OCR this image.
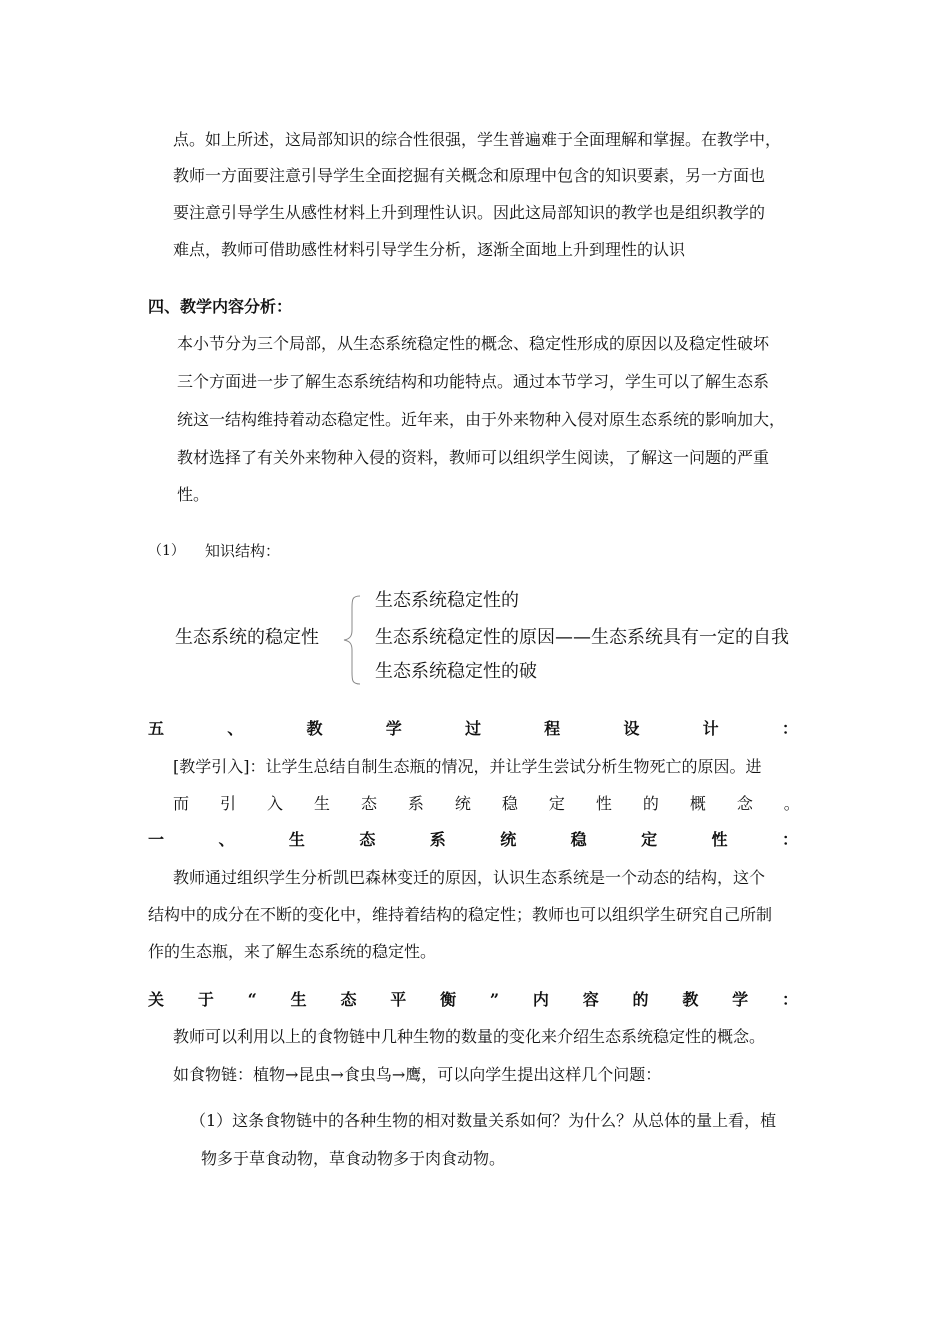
点。如上所述，这局部知识的综合性很强，学生普遍难于全面理解和掌握。在教学中，
教师一方面要注意引导学生全面挖掘有关概念和原理中包含的知识要素，另一方面也
要注意引导学生从感性材料上升到理性认识。因此这局部知识的教学也是组织教学的
难点，教师可借助感性材料引导学生分析，逐渐全面地上升到理性的认识
四、教学内容分析：
本小节分为三个局部，从生态系统稳定性的概念、稳定性形成的原因以及稳定性破坏
三个方面进一步了解生态系统结构和功能特点。通过本节学习，学生可以了解生态系
统这一结构维持着动态稳定性。近年来，由于外来物种入侵对原生态系统的影响加大，
教材选择了有关外来物种入侵的资料，教师可以组织学生阅读，了解这一问题的严重
性。
（1） 知识结构：
生态系统的稳定性
生态系统稳定性的
生态系统稳定性的原因——生态系统具有一定的自我
生态系统稳定性的破
五	、	教	学	过	程	设	计	：
[教学引入]：让学生总结自制生态瓶的情况，并让学生尝试分析生物死亡的原因。进
而 引 入 生 态 系 统 稳 定 性 的 概 念 。
一	、	生	态	系	统	稳	定	性	：
教师通过组织学生分析凯巴森林变迁的原因，认识生态系统是一个动态的结构，这个
结构中的成分在不断的变化中，维持着结构的稳定性；教师也可以组织学生研究自己所制
作的生态瓶，来了解生态系统的稳定性。
关 于 “ 生 态 平 衡 ” 内 容 的 教 学 ：
教师可以利用以上的食物链中几种生物的数量的变化来介绍生态系统稳定性的概念。
如食物链：植物→昆虫→食虫鸟→鹰，可以向学生提出这样几个问题：
（1）这条食物链中的各种生物的相对数量关系如何？为什么？从总体的量上看，植
物多于草食动物，草食动物多于肉食动物。
